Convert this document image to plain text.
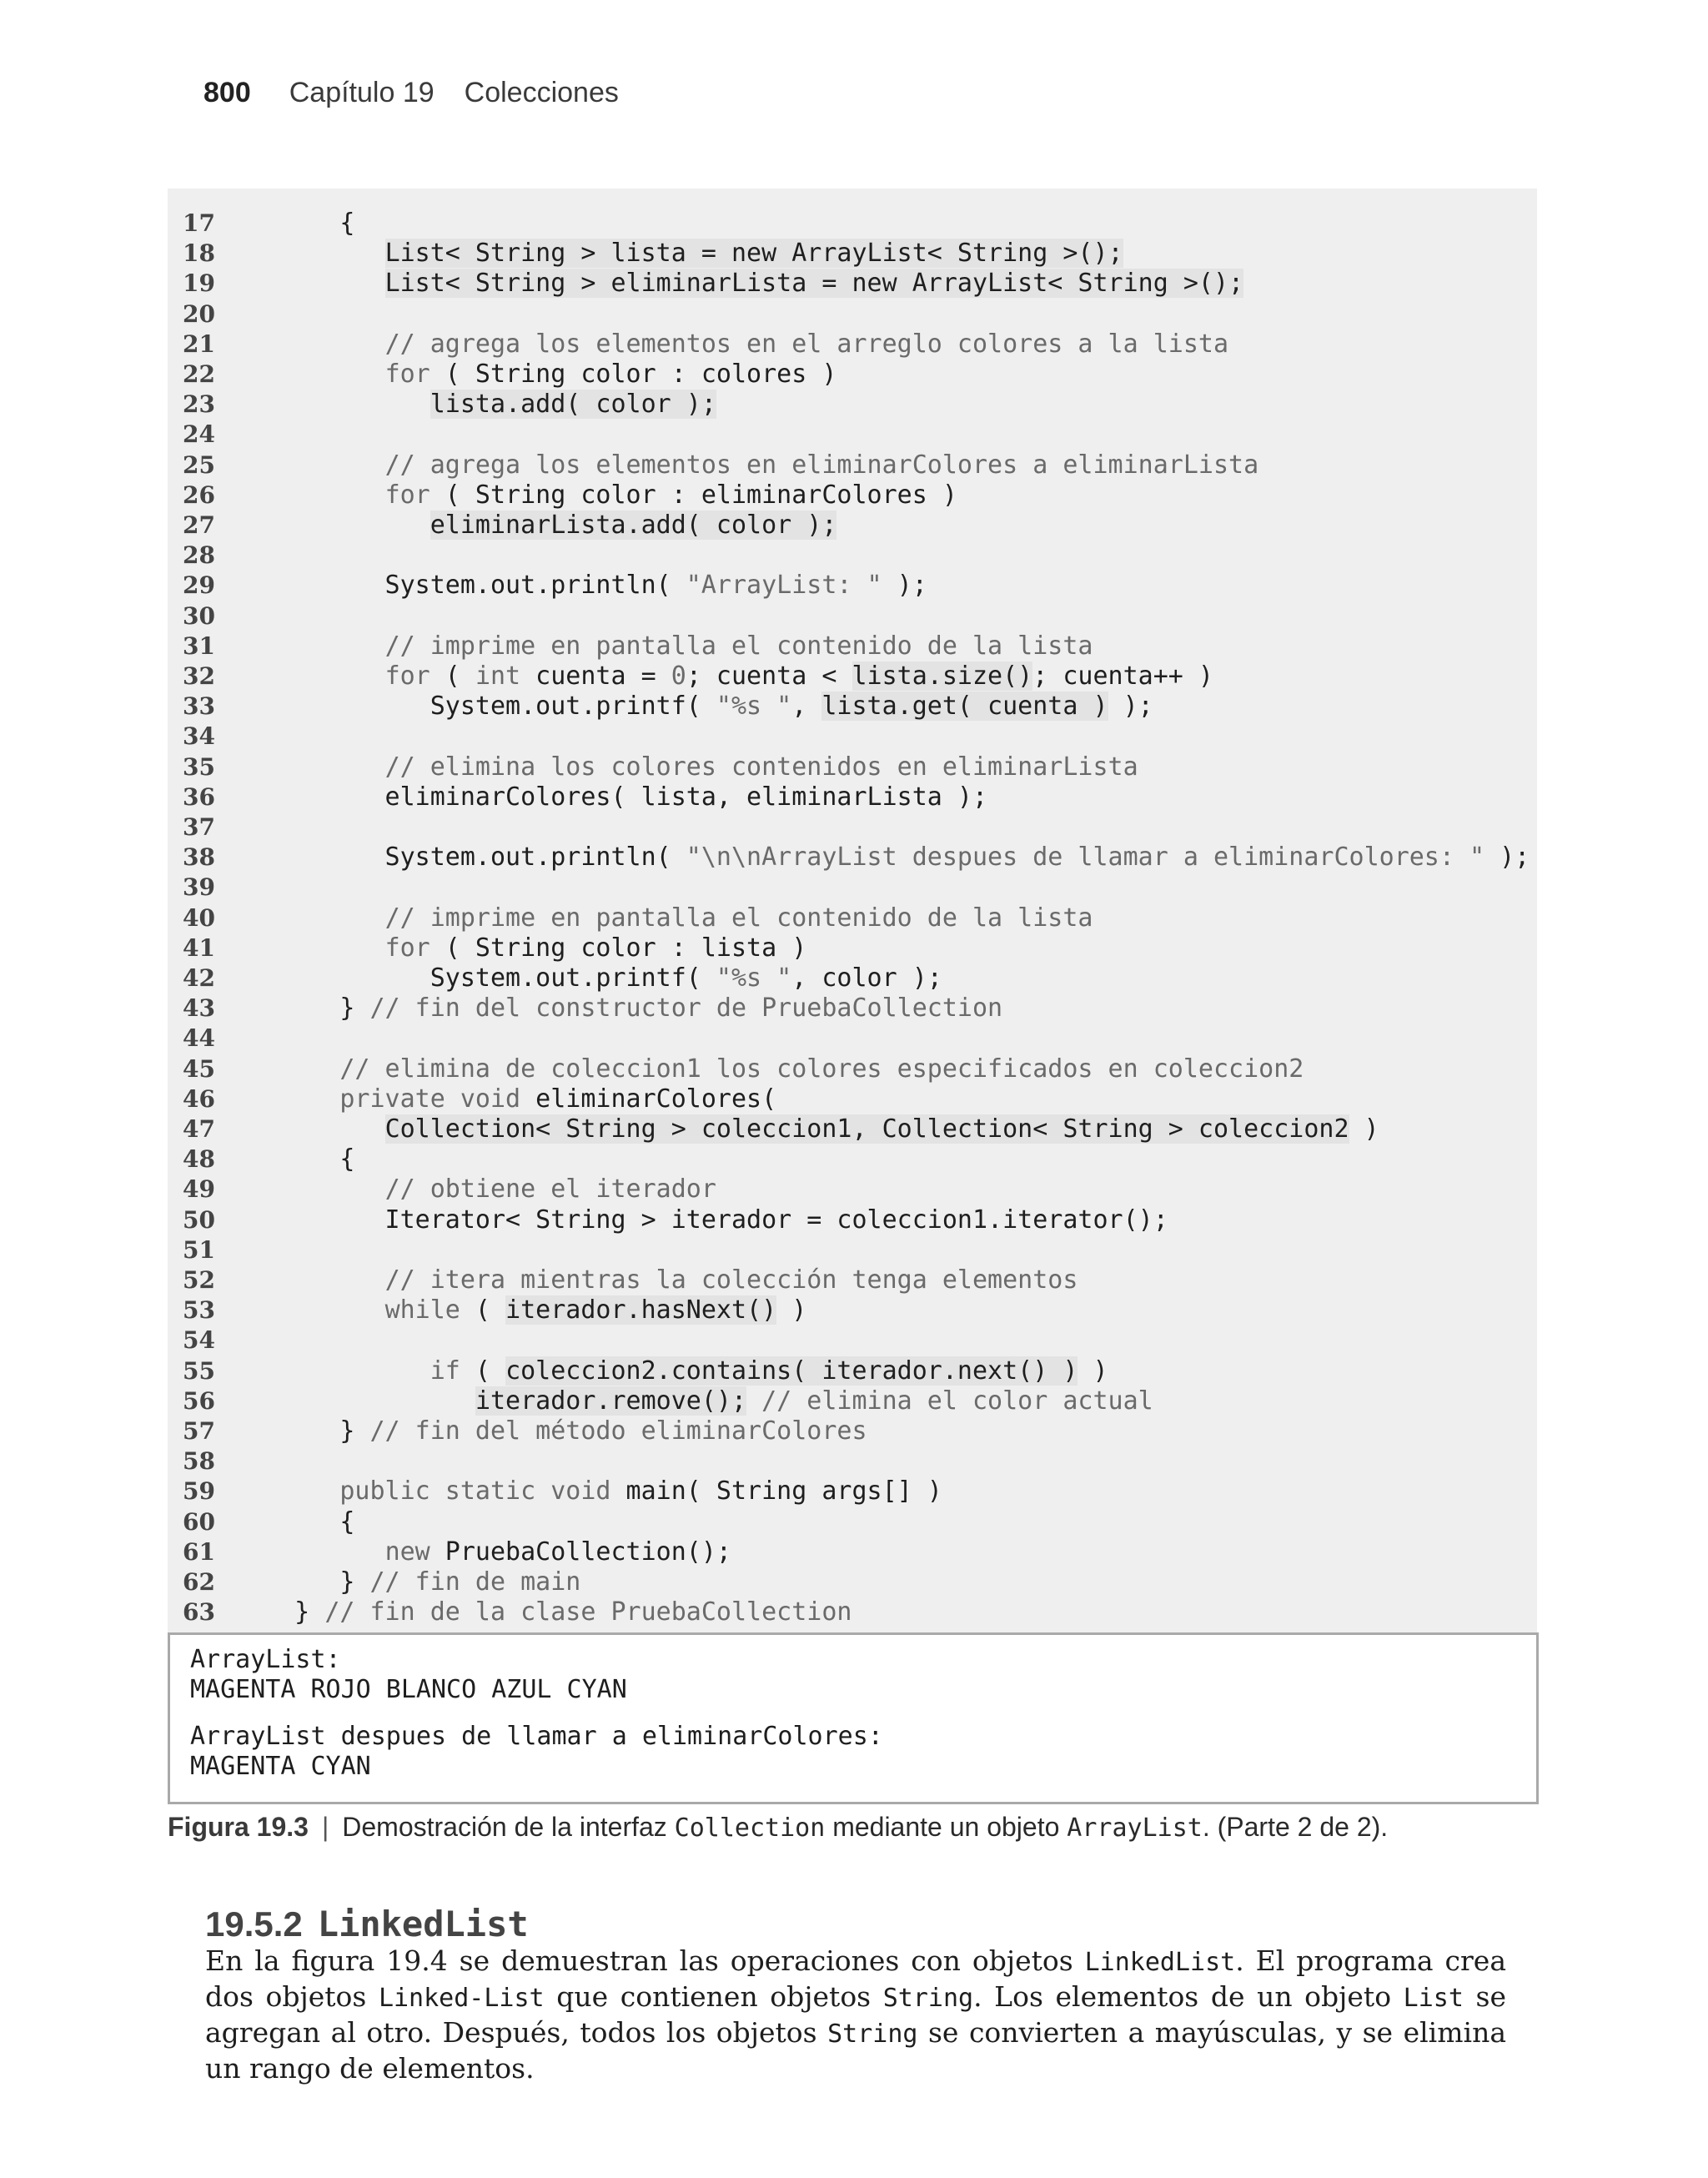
800 Capítulo 19 Colecciones
17	{
18	List< String > lista = new ArrayList< String >();
19	List< String > eliminarLista = new ArrayList< String >();
20
21	// agrega los elementos en el arreglo colores a la lista
22	for ( String color : colores )
23	lista.add( color );
24
25	// agrega los elementos en eliminarColores a eliminarLista
26	for ( String color : eliminarColores )
27	eliminarLista.add( color );
28
29	System.out.println( "ArrayList: " );
30
31	// imprime en pantalla el contenido de la lista
32	for ( int cuenta = 0; cuenta < lista.size(); cuenta++ )
33	System.out.printf( "%s ", lista.get( cuenta ) );
34
35	// elimina los colores contenidos en eliminarLista
36	eliminarColores( lista, eliminarLista );
37
38	System.out.println( "\n\nArrayList despues de llamar a eliminarColores: " );
39
40	// imprime en pantalla el contenido de la lista
41	for ( String color : lista )
42	System.out.printf( "%s ", color );
43	} // fin del constructor de PruebaCollection
44
45	// elimina de coleccion1 los colores especificados en coleccion2
46	private void eliminarColores(
47	Collection< String > coleccion1, Collection< String > coleccion2 )
48	{
49	// obtiene el iterador
50	Iterator< String > iterador = coleccion1.iterator();
51
52	// itera mientras la colección tenga elementos
53	while ( iterador.hasNext() )
54
55	if ( coleccion2.contains( iterador.next() ) )
56	iterador.remove(); // elimina el color actual
57	} // fin del método eliminarColores
58
59	public static void main( String args[] )
60	{
61	new PruebaCollection();
62	} // fin de main
63	} // fin de la clase PruebaCollection
ArrayList:
MAGENTA ROJO BLANCO AZUL CYAN
ArrayList despues de llamar a eliminarColores:
MAGENTA CYAN
Figura 19.3 | Demostración de la interfaz Collection mediante un objeto ArrayList. (Parte 2 de 2).
19.5.2 LinkedList
En la figura 19.4 se demuestran las operaciones con objetos LinkedList. El programa crea dos objetos Linked-List que contienen objetos String. Los elementos de un objeto List se agregan al otro. Después, todos los objetos String se convierten a mayúsculas, y se elimina un rango de elementos.
